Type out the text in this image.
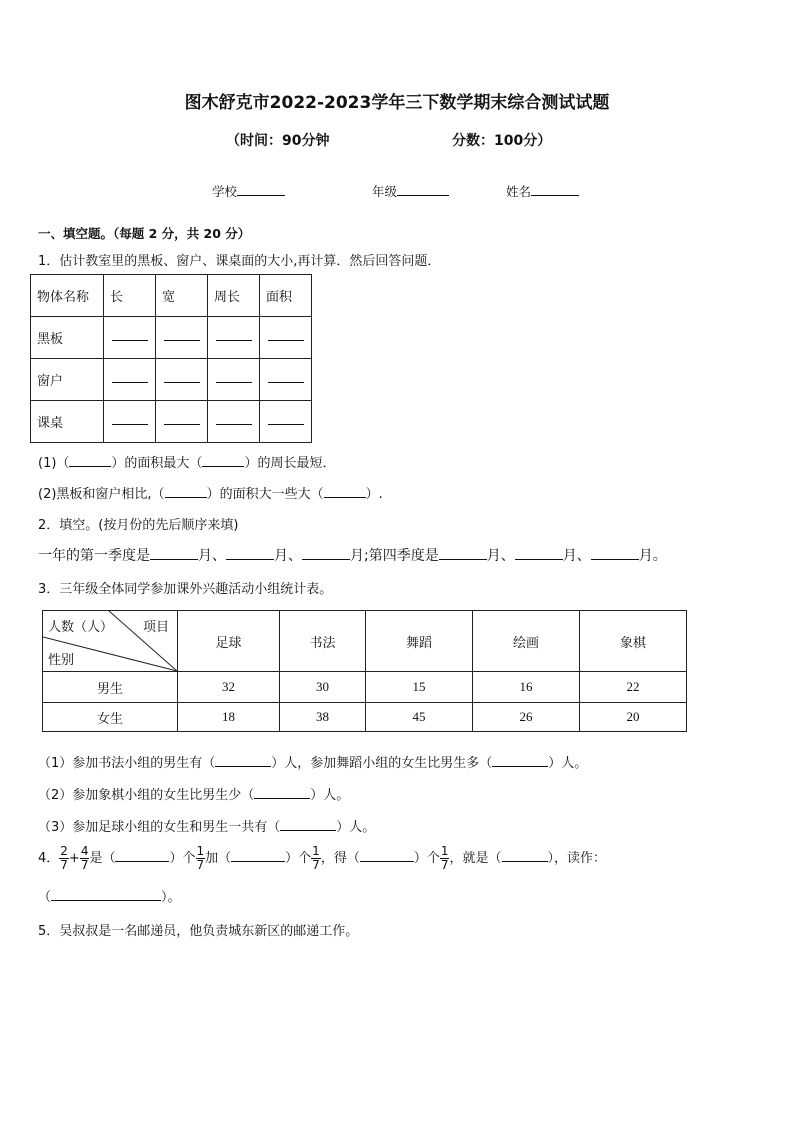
图木舒克市2022-2023学年三下数学期末综合测试试题
（时间：90分钟	分数：100分）
学校	年级	姓名
一、填空题。（每题 2 分，共 20 分）
1．估计教室里的黑板、窗户、课桌面的大小,再计算．然后回答问题．
物体名称	长	宽	周长	面积
黑板				
窗户				
课桌				
(1)（	）的面积最大（	）的周长最短．
(2)黑板和窗户相比,（	）的面积大一些大（	）.
2．填空。(按月份的先后顺序来填)
一年的第一季度是	月、	月、	月;第四季度是	月、	月、	月。
3．三年级全体同学参加课外兴趣活动小组统计表。
人数（人） 项目
性别	足球	书法	舞蹈	绘画	象棋
男生	32	30	15	16	22
女生	18	38	45	26	20
（1）参加书法小组的男生有（	）人，参加舞蹈小组的女生比男生多（	）人。
（2）参加象棋小组的女生比男生少（	）人。
（3）参加足球小组的女生和男生一共有（	）人。
4． $\frac{2}{7} + \frac{4}{7}$ 是（	）个 $\frac{1}{7}$ 加（	）个 $\frac{1}{7}$ ，得（	）个 $\frac{1}{7}$ ，就是（	），读作：
（	）。
5．吴叔叔是一名邮递员，他负责城东新区的邮递工作。
